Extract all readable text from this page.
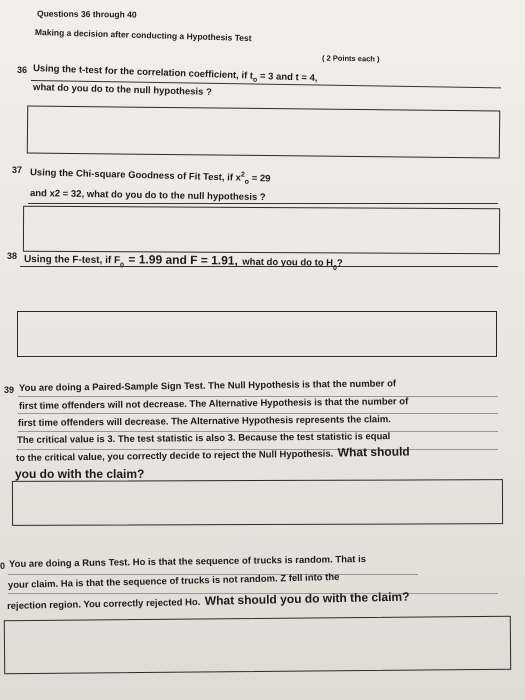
Questions 36 through 40
Making a decision after conducting a Hypothesis Test
( 2 Points each )
36 Using the t-test for the correlation coefficient, if $t_o = 3$ and t = 4,
what do you do to the null hypothesis ?
37 Using the Chi-square Goodness of Fit Test, if $x^2_o = 29$
and x2 = 32, what do you do to the null hypothesis ?
38 Using the F-test, if $F_0 = 1.99$ and F = 1.91, what do you do to $H_0$?
39 You are doing a Paired-Sample Sign Test. The Null Hypothesis is that the number of
first time offenders will not decrease. The Alternative Hypothesis is that the number of
first time offenders will decrease. The Alternative Hypothesis represents the claim.
The critical value is 3. The test statistic is also 3. Because the test statistic is equal
to the critical value, you correctly decide to reject the Null Hypothesis. What should
you do with the claim?
0 You are doing a Runs Test. Ho is that the sequence of trucks is random. That is
your claim. Ha is that the sequence of trucks is not random. Z fell into the
rejection region. You correctly rejected Ho. What should you do with the claim?
